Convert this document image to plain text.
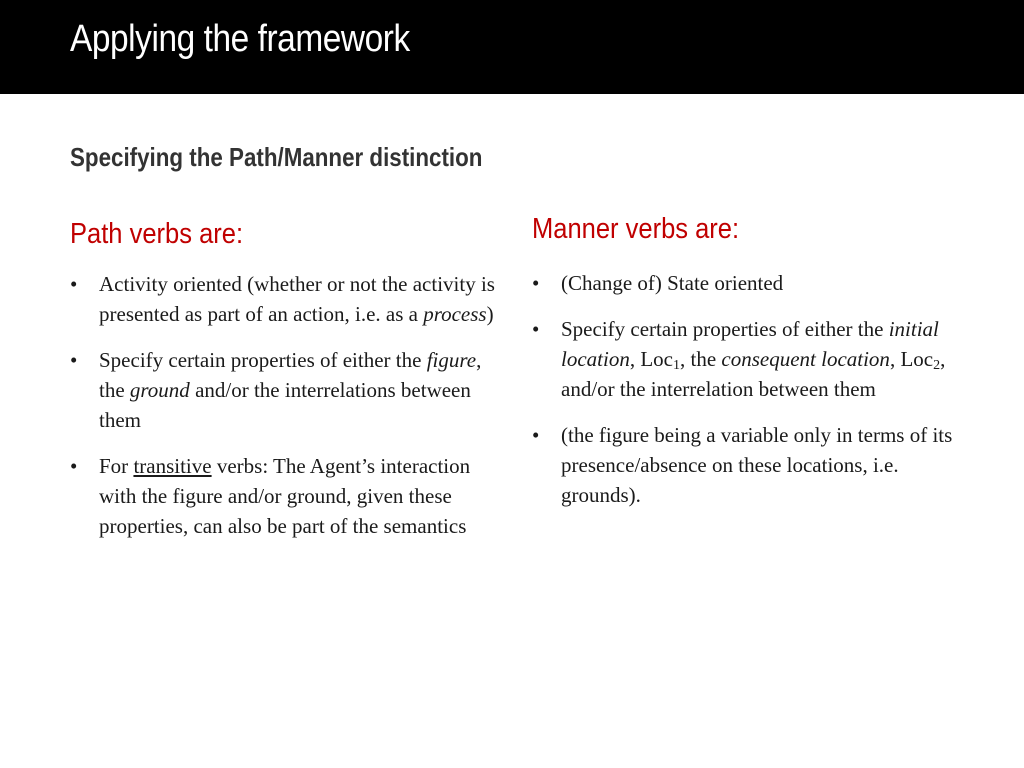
Applying the framework
Specifying the Path/Manner distinction
Path verbs are:
• Activity oriented (whether or not the activity is presented as part of an action, i.e. as a process)
• Specify certain properties of either the figure, the ground and/or the interrelations between them
• For transitive verbs: The Agent’s interaction with the figure and/or ground, given these properties, can also be part of the semantics
Manner verbs are:
• (Change of) State oriented
• Specify certain properties of either the initial location, Loc$_1$, the consequent location, Loc$_2$, and/or the interrelation between them
• (the figure being a variable only in terms of its presence/absence on these locations, i.e. grounds).
